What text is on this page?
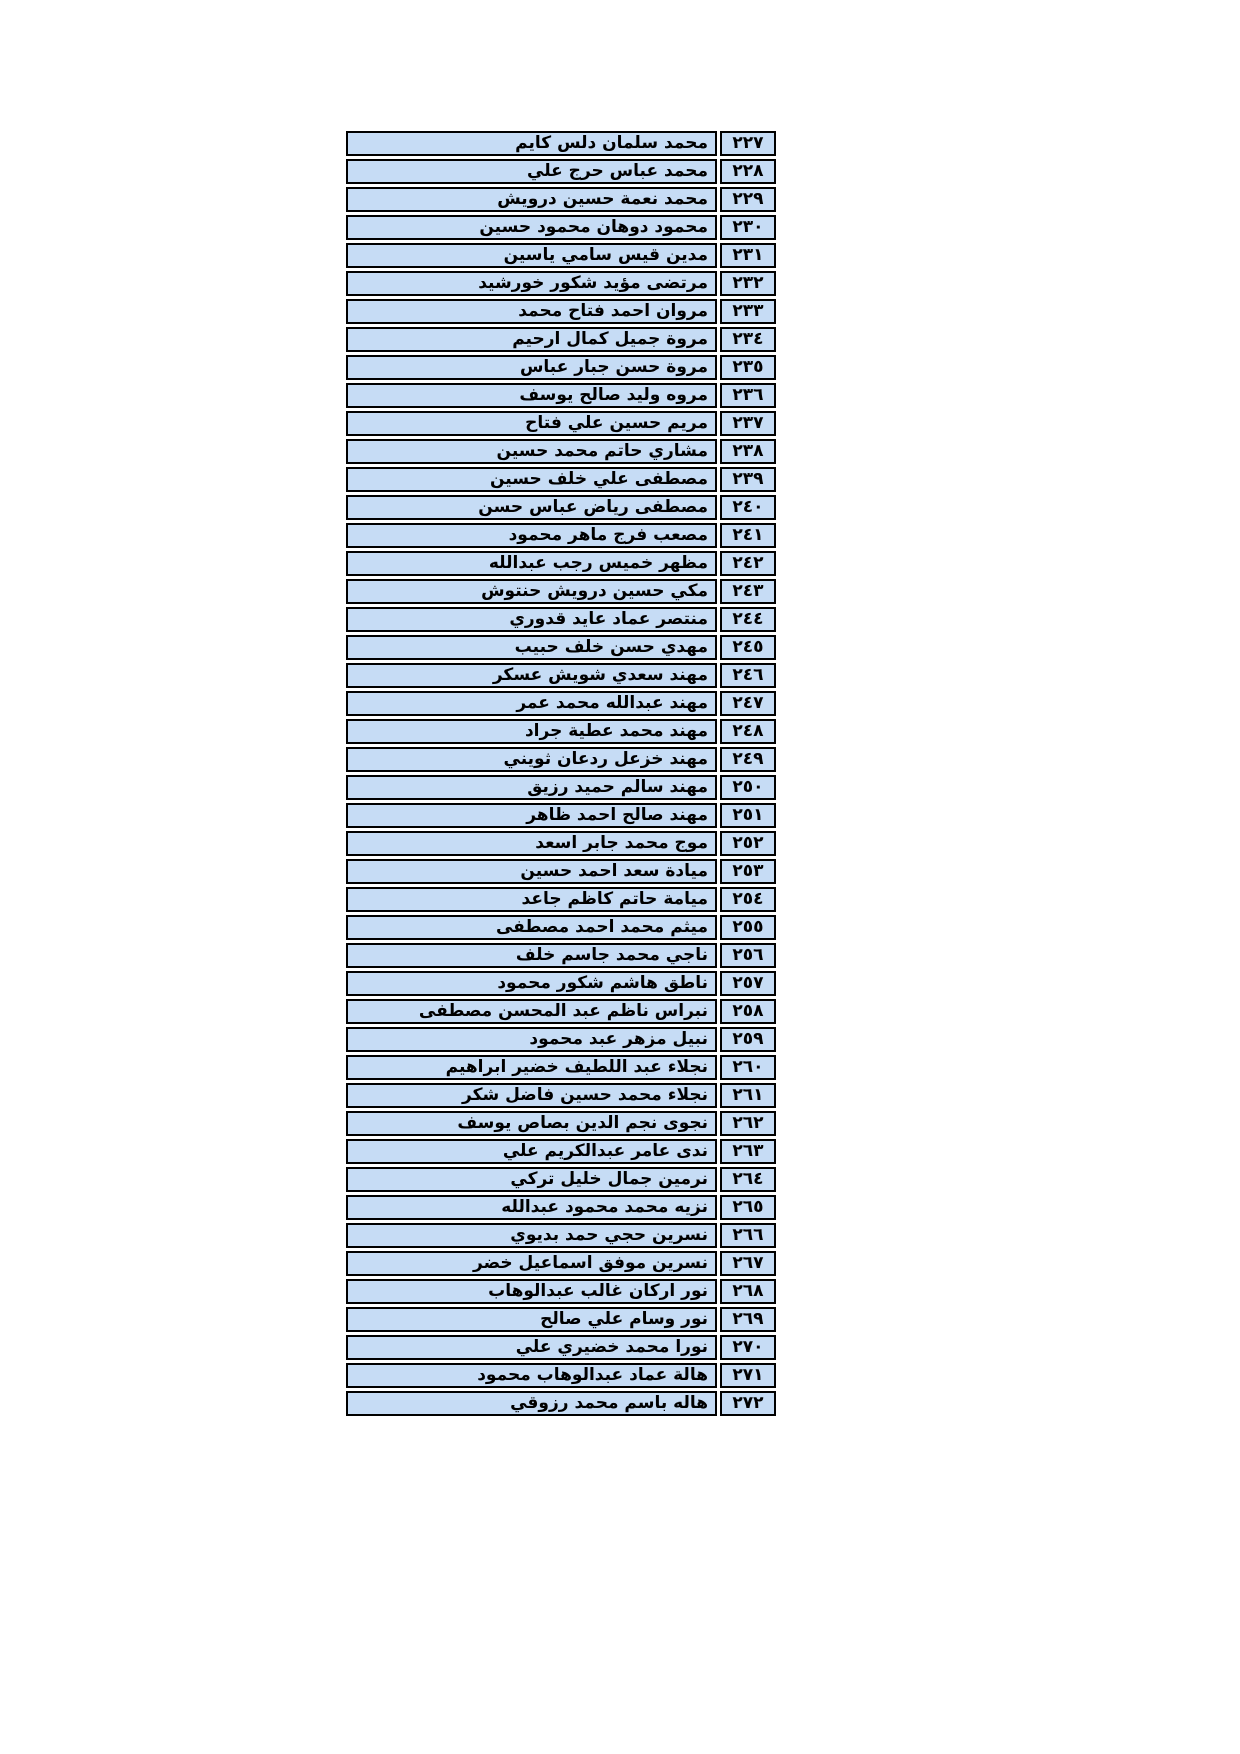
٢٢٧	محمد سلمان دلس كايم
٢٢٨	محمد عباس حرج علي
٢٢٩	محمد نعمة حسين درويش
٢٣٠	محمود دوهان محمود حسين
٢٣١	مدين قيس سامي ياسين
٢٣٢	مرتضى مؤيد شكور خورشيد
٢٣٣	مروان احمد فتاح محمد
٢٣٤	مروة جميل كمال ارحيم
٢٣٥	مروة حسن جبار عباس
٢٣٦	مروه وليد صالح يوسف
٢٣٧	مريم حسين علي فتاح
٢٣٨	مشاري حاتم محمد حسين
٢٣٩	مصطفى علي خلف حسين
٢٤٠	مصطفى رياض عباس حسن
٢٤١	مصعب فرج ماهر محمود
٢٤٢	مظهر خميس رجب عبدالله
٢٤٣	مكي حسين درويش حنتوش
٢٤٤	منتصر عماد عايد قدوري
٢٤٥	مهدي حسن خلف حبيب
٢٤٦	مهند سعدي شويش عسكر
٢٤٧	مهند عبدالله محمد عمر
٢٤٨	مهند محمد عطية جراد
٢٤٩	مهند خزعل ردعان ثويني
٢٥٠	مهند سالم حميد رزيق
٢٥١	مهند صالح احمد ظاهر
٢٥٢	موج محمد جابر اسعد
٢٥٣	ميادة سعد احمد حسين
٢٥٤	ميامة حاتم كاظم جاعد
٢٥٥	ميثم محمد احمد مصطفى
٢٥٦	ناجي محمد جاسم خلف
٢٥٧	ناطق هاشم شكور محمود
٢٥٨	نبراس ناظم عبد المحسن مصطفى
٢٥٩	نبيل مزهر عبد محمود
٢٦٠	نجلاء عبد اللطيف خضير ابراهيم
٢٦١	نجلاء محمد حسين فاضل شكر
٢٦٢	نجوى نجم الدين بصاص يوسف
٢٦٣	ندى عامر عبدالكريم علي
٢٦٤	نرمين جمال خليل تركي
٢٦٥	نزيه محمد محمود عبدالله
٢٦٦	نسرين حجي حمد بديوي
٢٦٧	نسرين موفق اسماعيل خضر
٢٦٨	نور اركان غالب عبدالوهاب
٢٦٩	نور وسام علي صالح
٢٧٠	نورا محمد خضيري علي
٢٧١	هالة عماد عبدالوهاب محمود
٢٧٢	هاله باسم محمد رزوقي
